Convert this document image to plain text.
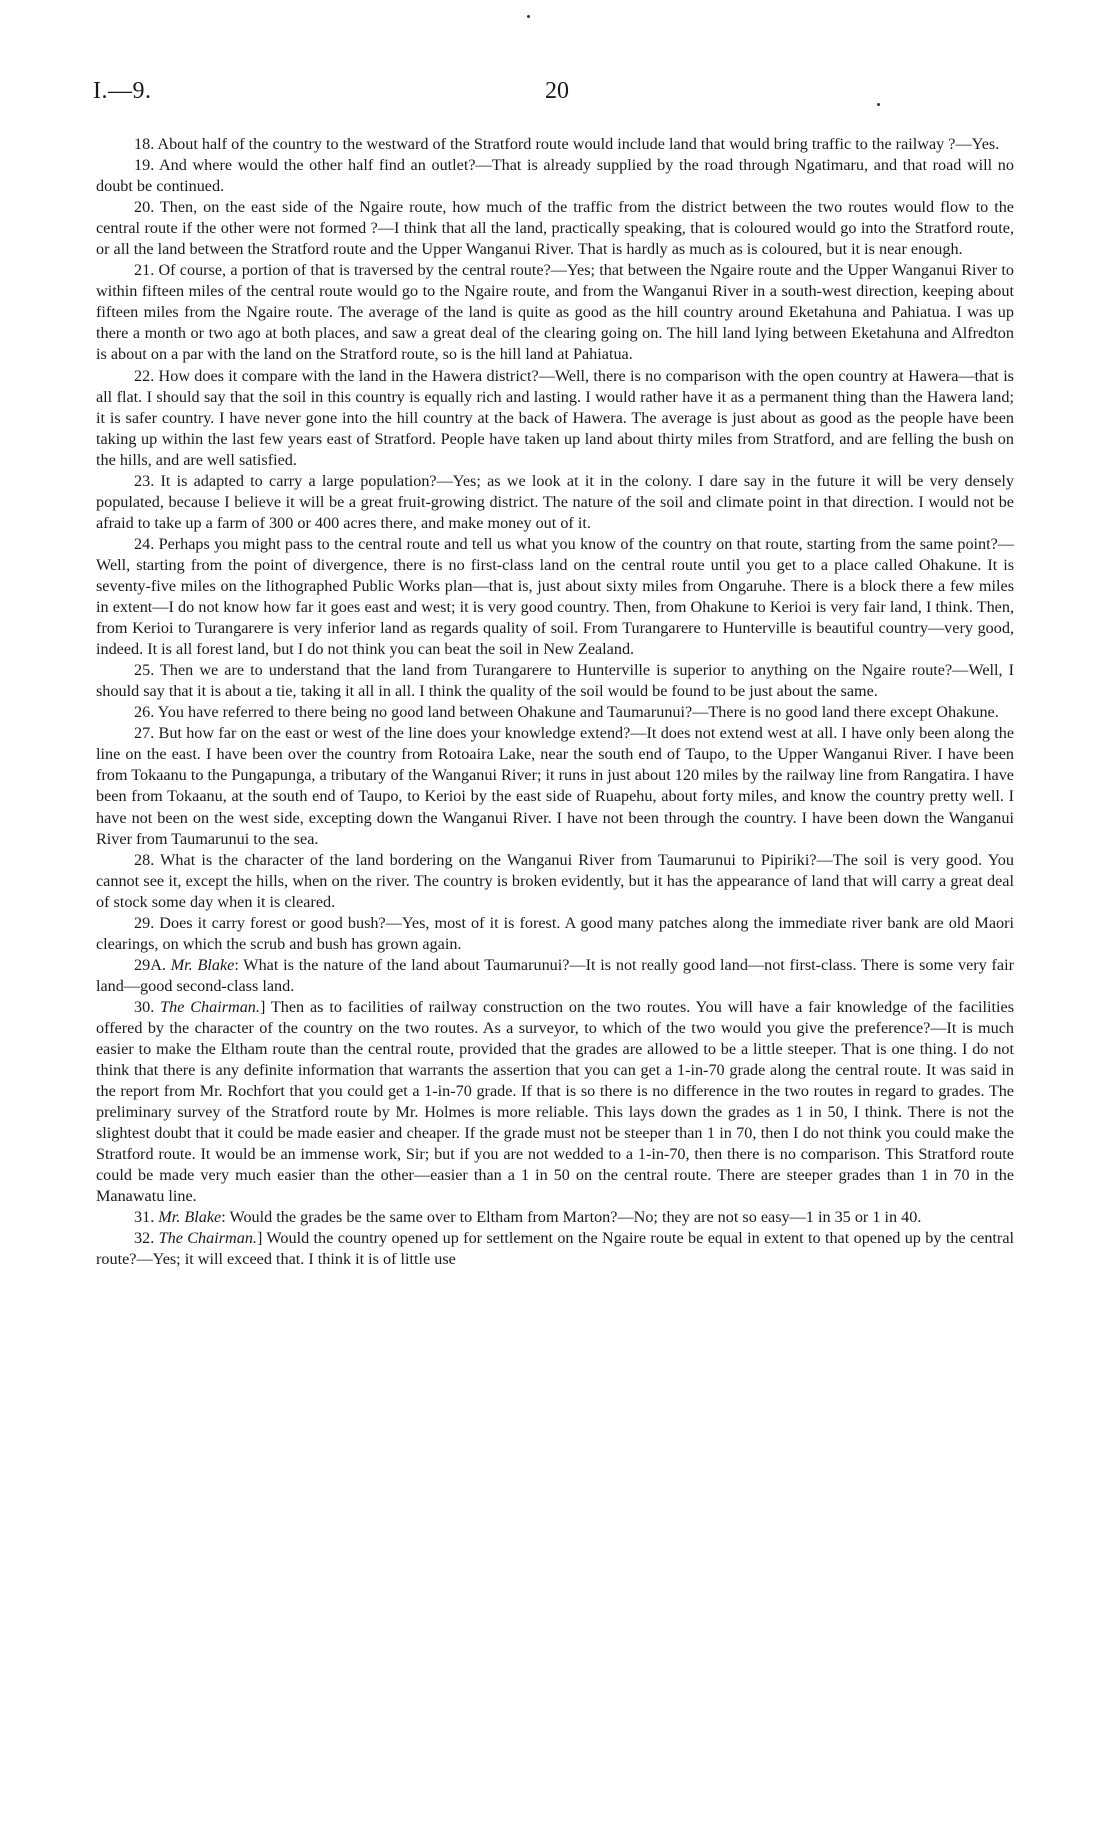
I.—9.	20

18. About half of the country to the westward of the Stratford route would include land that would bring traffic to the railway ?—Yes.

19. And where would the other half find an outlet?—That is already supplied by the road through Ngatimaru, and that road will no doubt be continued.

20. Then, on the east side of the Ngaire route, how much of the traffic from the district between the two routes would flow to the central route if the other were not formed ?—I think that all the land, practically speaking, that is coloured would go into the Stratford route, or all the land between the Stratford route and the Upper Wanganui River. That is hardly as much as is coloured, but it is near enough.

21. Of course, a portion of that is traversed by the central route?—Yes; that between the Ngaire route and the Upper Wanganui River to within fifteen miles of the central route would go to the Ngaire route, and from the Wanganui River in a south-west direction, keeping about fifteen miles from the Ngaire route. The average of the land is quite as good as the hill country around Eketahuna and Pahiatua. I was up there a month or two ago at both places, and saw a great deal of the clearing going on. The hill land lying between Eketahuna and Alfredton is about on a par with the land on the Stratford route, so is the hill land at Pahiatua.

22. How does it compare with the land in the Hawera district?—Well, there is no comparison with the open country at Hawera—that is all flat. I should say that the soil in this country is equally rich and lasting. I would rather have it as a permanent thing than the Hawera land; it is safer country. I have never gone into the hill country at the back of Hawera. The average is just about as good as the people have been taking up within the last few years east of Stratford. People have taken up land about thirty miles from Stratford, and are felling the bush on the hills, and are well satisfied.

23. It is adapted to carry a large population?—Yes; as we look at it in the colony. I dare say in the future it will be very densely populated, because I believe it will be a great fruit-growing district. The nature of the soil and climate point in that direction. I would not be afraid to take up a farm of 300 or 400 acres there, and make money out of it.

24. Perhaps you might pass to the central route and tell us what you know of the country on that route, starting from the same point?—Well, starting from the point of divergence, there is no first-class land on the central route until you get to a place called Ohakune. It is seventy-five miles on the lithographed Public Works plan—that is, just about sixty miles from Ongaruhe. There is a block there a few miles in extent—I do not know how far it goes east and west; it is very good country. Then, from Ohakune to Kerioi is very fair land, I think. Then, from Kerioi to Turangarere is very inferior land as regards quality of soil. From Turangarere to Hunterville is beautiful country—very good, indeed. It is all forest land, but I do not think you can beat the soil in New Zealand.

25. Then we are to understand that the land from Turangarere to Hunterville is superior to anything on the Ngaire route?—Well, I should say that it is about a tie, taking it all in all. I think the quality of the soil would be found to be just about the same.

26. You have referred to there being no good land between Ohakune and Taumarunui?—There is no good land there except Ohakune.

27. But how far on the east or west of the line does your knowledge extend?—It does not extend west at all. I have only been along the line on the east. I have been over the country from Rotoaira Lake, near the south end of Taupo, to the Upper Wanganui River. I have been from Tokaanu to the Pungapunga, a tributary of the Wanganui River; it runs in just about 120 miles by the railway line from Rangatira. I have been from Tokaanu, at the south end of Taupo, to Kerioi by the east side of Ruapehu, about forty miles, and know the country pretty well. I have not been on the west side, excepting down the Wanganui River. I have not been through the country. I have been down the Wanganui River from Taumarunui to the sea.

28. What is the character of the land bordering on the Wanganui River from Taumarunui to Pipiriki?—The soil is very good. You cannot see it, except the hills, when on the river. The country is broken evidently, but it has the appearance of land that will carry a great deal of stock some day when it is cleared.

29. Does it carry forest or good bush?—Yes, most of it is forest. A good many patches along the immediate river bank are old Maori clearings, on which the scrub and bush has grown again.

29A. Mr. Blake: What is the nature of the land about Taumarunui?—It is not really good land—not first-class. There is some very fair land—good second-class land.

30. The Chairman.] Then as to facilities of railway construction on the two routes. You will have a fair knowledge of the facilities offered by the character of the country on the two routes. As a surveyor, to which of the two would you give the preference?—It is much easier to make the Eltham route than the central route, provided that the grades are allowed to be a little steeper. That is one thing. I do not think that there is any definite information that warrants the assertion that you can get a 1-in-70 grade along the central route. It was said in the report from Mr. Rochfort that you could get a 1-in-70 grade. If that is so there is no difference in the two routes in regard to grades. The preliminary survey of the Stratford route by Mr. Holmes is more reliable. This lays down the grades as 1 in 50, I think. There is not the slightest doubt that it could be made easier and cheaper. If the grade must not be steeper than 1 in 70, then I do not think you could make the Stratford route. It would be an immense work, Sir; but if you are not wedded to a 1-in-70, then there is no comparison. This Stratford route could be made very much easier than the other—easier than a 1 in 50 on the central route. There are steeper grades than 1 in 70 in the Manawatu line.

31. Mr. Blake: Would the grades be the same over to Eltham from Marton?—No; they are not so easy—1 in 35 or 1 in 40.

32. The Chairman.] Would the country opened up for settlement on the Ngaire route be equal in extent to that opened up by the central route?—Yes; it will exceed that. I think it is of little use
